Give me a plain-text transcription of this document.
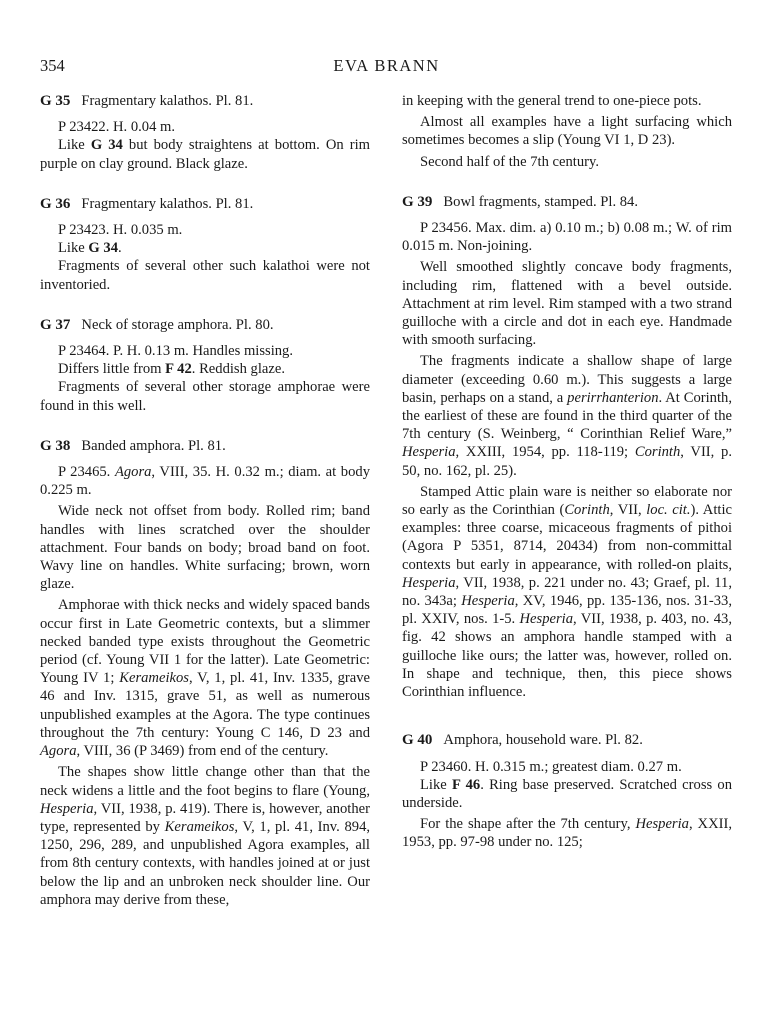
354	EVA BRANN

G 35 Fragmentary kalathos. Pl. 81.

P 23422. H. 0.04 m.

Like G 34 but body straightens at bottom. On rim purple on clay ground. Black glaze.

G 36 Fragmentary kalathos. Pl. 81.

P 23423. H. 0.035 m.

Like G 34.

Fragments of several other such kalathoi were not inventoried.

G 37 Neck of storage amphora. Pl. 80.

P 23464. P. H. 0.13 m. Handles missing.

Differs little from F 42. Reddish glaze.

Fragments of several other storage amphorae were found in this well.

G 38 Banded amphora. Pl. 81.

P 23465. Agora, VIII, 35. H. 0.32 m.; diam. at body 0.225 m.

Wide neck not offset from body. Rolled rim; band handles with lines scratched over the shoulder attachment. Four bands on body; broad band on foot. Wavy line on handles. White surfacing; brown, worn glaze.

Amphorae with thick necks and widely spaced bands occur first in Late Geometric contexts, but a slimmer necked banded type exists throughout the Geometric period (cf. Young VII 1 for the latter). Late Geometric: Young IV 1; Kerameikos, V, 1, pl. 41, Inv. 1335, grave 46 and Inv. 1315, grave 51, as well as numerous unpublished examples at the Agora. The type continues throughout the 7th century: Young C 146, D 23 and Agora, VIII, 36 (P 3469) from end of the century.

The shapes show little change other than that the neck widens a little and the foot begins to flare (Young, Hesperia, VII, 1938, p. 419). There is, however, another type, represented by Kerameikos, V, 1, pl. 41, Inv. 894, 1250, 296, 289, and unpublished Agora examples, all from 8th century contexts, with handles joined at or just below the lip and an unbroken neck shoulder line. Our amphora may derive from these,

in keeping with the general trend to one-piece pots.

Almost all examples have a light surfacing which sometimes becomes a slip (Young VI 1, D 23).

Second half of the 7th century.

G 39 Bowl fragments, stamped. Pl. 84.

P 23456. Max. dim. a) 0.10 m.; b) 0.08 m.; W. of rim 0.015 m. Non-joining.

Well smoothed slightly concave body fragments, including rim, flattened with a bevel outside. Attachment at rim level. Rim stamped with a two strand guilloche with a circle and dot in each eye. Handmade with smooth surfacing.

The fragments indicate a shallow shape of large diameter (exceeding 0.60 m.). This suggests a large basin, perhaps on a stand, a perirrhanterion. At Corinth, the earliest of these are found in the third quarter of the 7th century (S. Weinberg, “ Corinthian Relief Ware,” Hesperia, XXIII, 1954, pp. 118-119; Corinth, VII, p. 50, no. 162, pl. 25).

Stamped Attic plain ware is neither so elaborate nor so early as the Corinthian (Corinth, VII, loc. cit.). Attic examples: three coarse, micaceous fragments of pithoi (Agora P 5351, 8714, 20434) from non-committal contexts but early in appearance, with rolled-on plaits, Hesperia, VII, 1938, p. 221 under no. 43; Graef, pl. 11, no. 343a; Hesperia, XV, 1946, pp. 135-136, nos. 31-33, pl. XXIV, nos. 1-5. Hesperia, VII, 1938, p. 403, no. 43, fig. 42 shows an amphora handle stamped with a guilloche like ours; the latter was, however, rolled on. In shape and technique, then, this piece shows Corinthian influence.

G 40 Amphora, household ware. Pl. 82.

P 23460. H. 0.315 m.; greatest diam. 0.27 m.

Like F 46. Ring base preserved. Scratched cross on underside.

For the shape after the 7th century, Hesperia, XXII, 1953, pp. 97-98 under no. 125;
